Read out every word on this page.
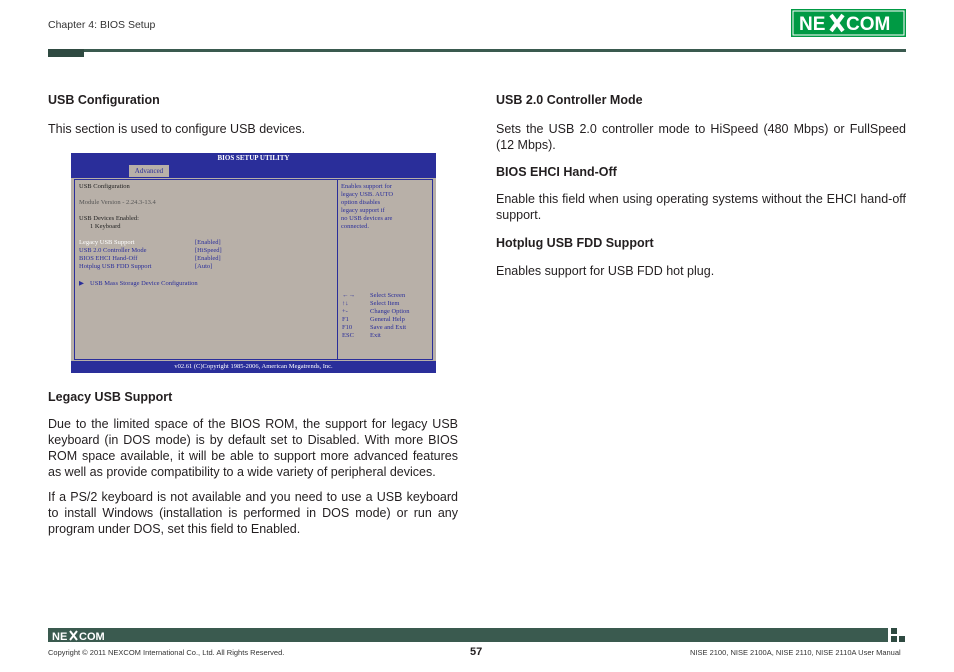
Chapter 4: BIOS Setup	NE COM
USB Configuration

This section is used to configure USB devices.

BIOS SETUP UTILITY
Advanced
USB Configuration
Module Version - 2.24.3-13.4
USB Devices Enabled:
1 Keyboard
Legacy USB Support	[Enabled]
USB 2.0 Controller Mode	[HiSpeed]
BIOS EHCI Hand-Off	[Enabled]
Hotplug USB FDD Support	[Auto]
▶ USB Mass Storage Device Configuration
Enables support for
legacy USB. AUTO
option disables
legacy support if
no USB devices are
connected.
←→ Select Screen
↑↓	Select Item
+-	Change Option
F1	General Help
F10	Save and Exit
ESC Exit
v02.61 (C)Copyright 1985-2006, American Megatrends, Inc.
Legacy USB Support

Due to the limited space of the BIOS ROM, the support for legacy USB keyboard (in DOS mode) is by default set to Disabled. With more BIOS ROM space available, it will be able to support more advanced features as well as provide compatibility to a wide variety of peripheral devices.

If a PS/2 keyboard is not available and you need to use a USB keyboard to install Windows (installation is performed in DOS mode) or run any program under DOS, set this field to Enabled.

USB 2.0 Controller Mode

Sets the USB 2.0 controller mode to HiSpeed (480 Mbps) or FullSpeed (12 Mbps).

BIOS EHCI Hand-Off

Enable this field when using operating systems without the EHCI hand-off support.

Hotplug USB FDD Support

Enables support for USB FDD hot plug.

NE COM
Copyright © 2011 NEXCOM International Co., Ltd. All Rights Reserved.	57	NISE 2100, NISE 2100A, NISE 2110, NISE 2110A User Manual
